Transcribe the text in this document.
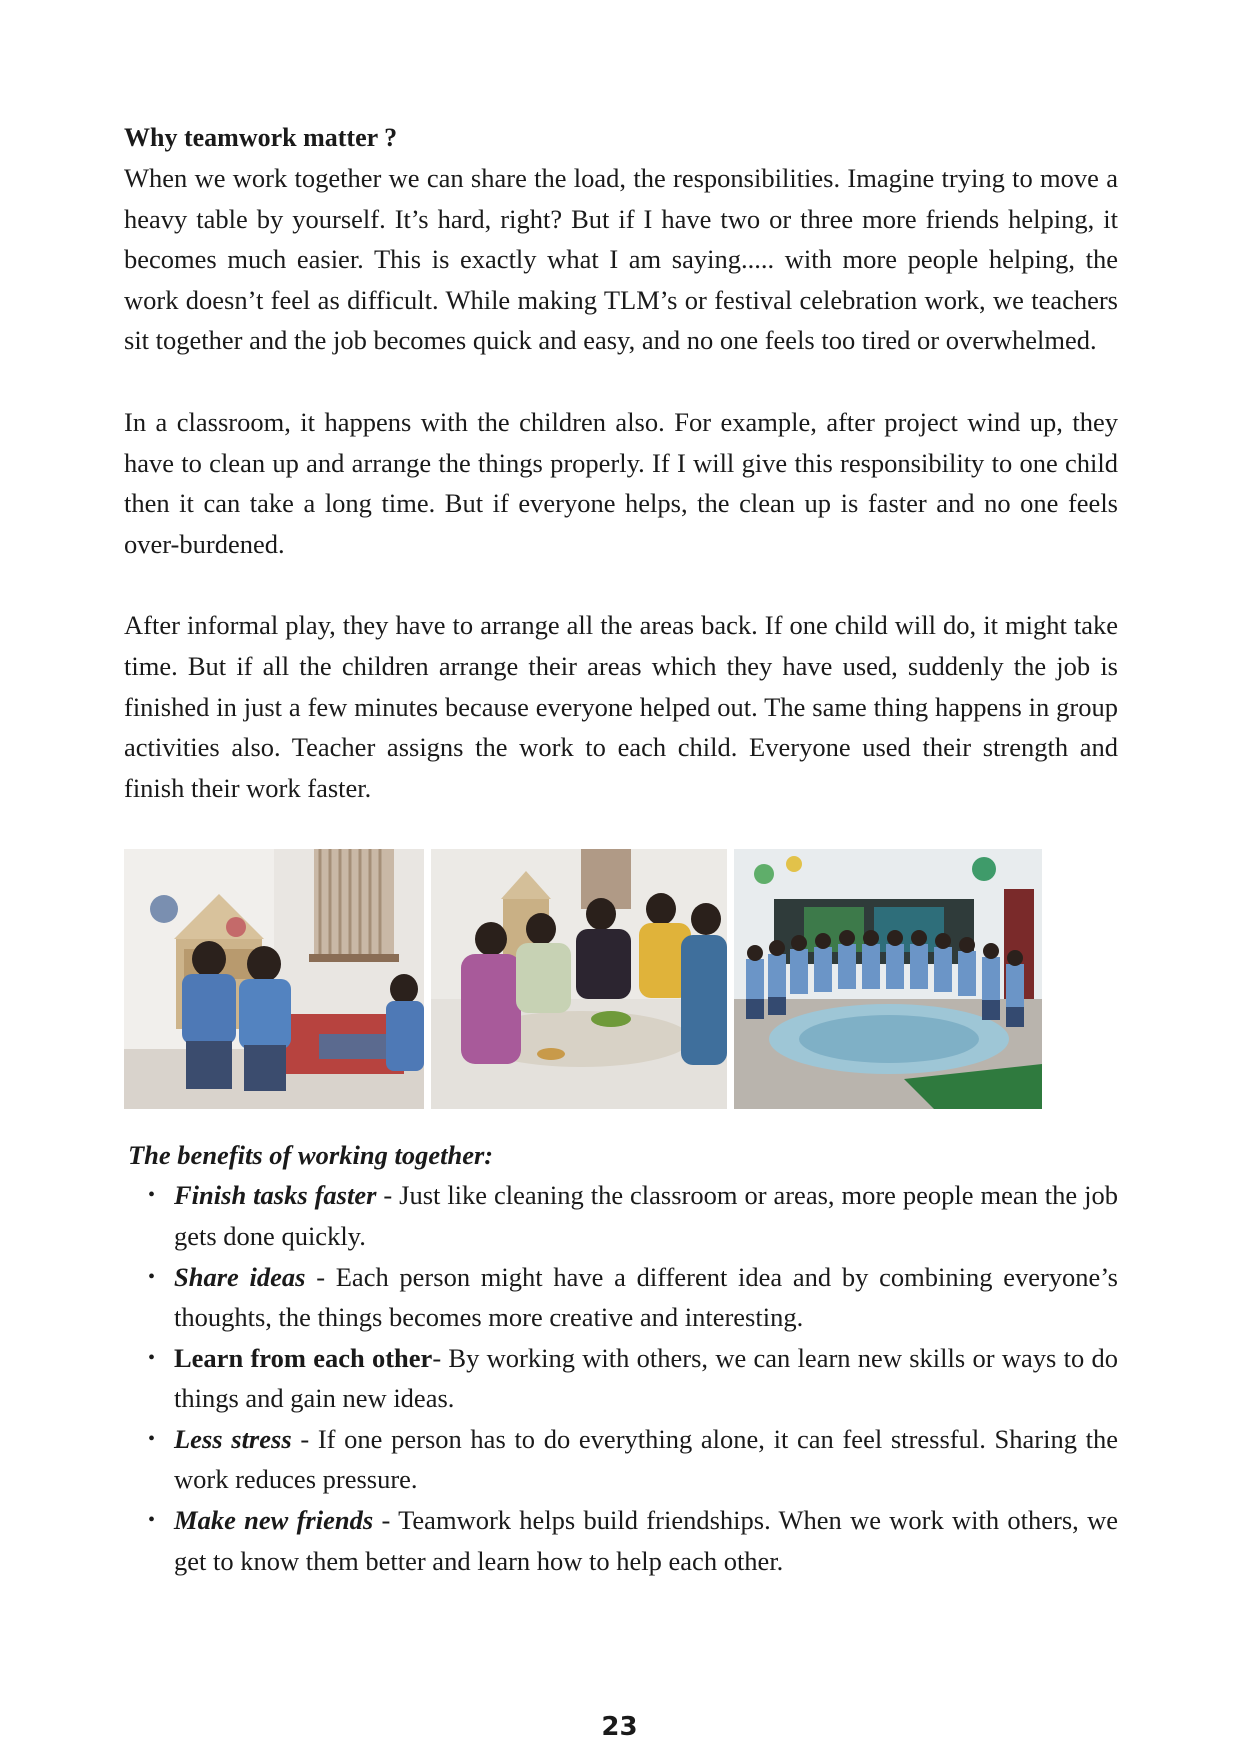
Why teamwork matter ?

When we work together we can share the load, the responsibilities. Imagine trying to move a heavy table by yourself. It’s hard, right? But if I have two or three more friends helping, it becomes much easier. This is exactly what I am saying..... with more people helping, the work doesn’t feel as difficult. While making TLM’s or festival celebration work, we teachers sit together and the job becomes quick and easy, and no one feels too tired or overwhelmed.

In a classroom, it happens with the children also. For example, after project wind up, they have to clean up and arrange the things properly. If I will give this responsibility to one child then it can take a long time. But if everyone helps, the clean up is faster and no one feels over-burdened.

After informal play, they have to arrange all the areas back. If one child will do, it might take time. But if all the children arrange their areas which they have used, suddenly the job is finished in just a few minutes because everyone helped out. The same thing happens in group activities also. Teacher assigns the work to each child. Everyone used their strength and finish their work faster.

The benefits of working together:

• Finish tasks faster - Just like cleaning the classroom or areas, more people mean the job gets done quickly.
• Share ideas - Each person might have a different idea and by combining everyone’s thoughts, the things becomes more creative and interesting.
• Learn from each other- By working with others, we can learn new skills or ways to do things and gain new ideas.
• Less stress - If one person has to do everything alone, it can feel stressful. Sharing the work reduces pressure.
• Make new friends - Teamwork helps build friendships. When we work with others, we get to know them better and learn how to help each other.
23
